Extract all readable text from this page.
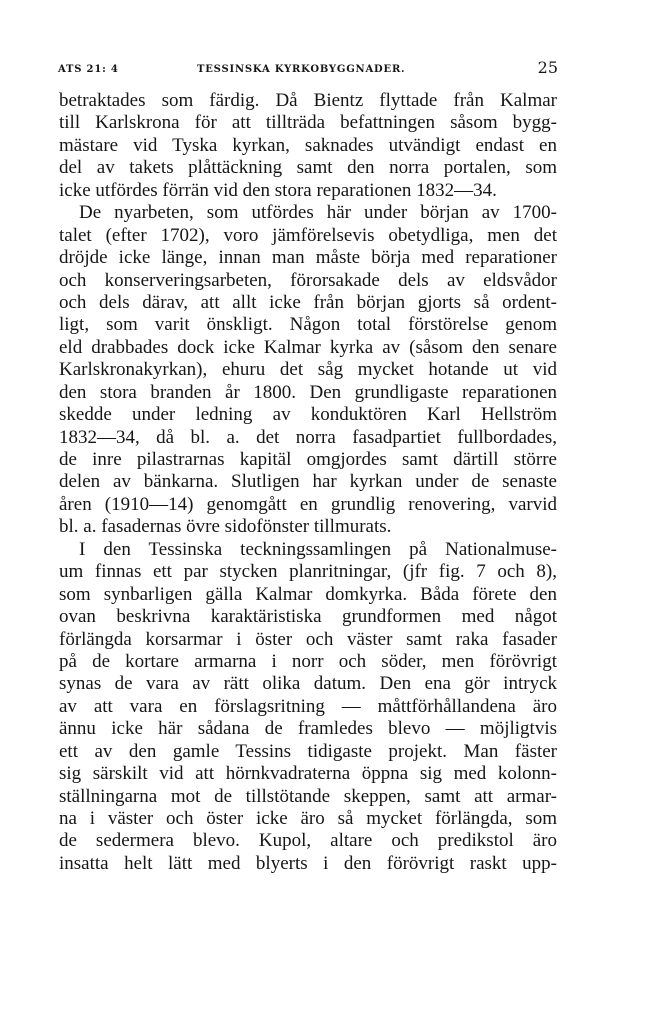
ATS 21: 4	TESSINSKA KYRKOBYGGNADER.	25
betraktades som färdig. Då Bientz flyttade från Kalmar
till Karlskrona för att tillträda befattningen såsom bygg-
mästare vid Tyska kyrkan, saknades utvändigt endast en
del av takets plåttäckning samt den norra portalen, som
icke utfördes förrän vid den stora reparationen 1832—34.
De nyarbeten, som utfördes här under början av 1700-
talet (efter 1702), voro jämförelsevis obetydliga, men det
dröjde icke länge, innan man måste börja med reparationer
och konserveringsarbeten, förorsakade dels av eldsvådor
och dels därav, att allt icke från början gjorts så ordent-
ligt, som varit önskligt. Någon total förstörelse genom
eld drabbades dock icke Kalmar kyrka av (såsom den senare
Karlskronakyrkan), ehuru det såg mycket hotande ut vid
den stora branden år 1800. Den grundligaste reparationen
skedde under ledning av konduktören Karl Hellström
1832—34, då bl. a. det norra fasadpartiet fullbordades,
de inre pilastrarnas kapitäl omgjordes samt därtill större
delen av bänkarna. Slutligen har kyrkan under de senaste
åren (1910—14) genomgått en grundlig renovering, varvid
bl. a. fasadernas övre sidofönster tillmurats.
I den Tessinska teckningssamlingen på Nationalmuse-
um finnas ett par stycken planritningar, (jfr fig. 7 och 8),
som synbarligen gälla Kalmar domkyrka. Båda förete den
ovan beskrivna karaktäristiska grundformen med något
förlängda korsarmar i öster och väster samt raka fasader
på de kortare armarna i norr och söder, men förövrigt
synas de vara av rätt olika datum. Den ena gör intryck
av att vara en förslagsritning — måttförhållandena äro
ännu icke här sådana de framledes blevo — möjligtvis
ett av den gamle Tessins tidigaste projekt. Man fäster
sig särskilt vid att hörnkvadraterna öppna sig med kolonn-
ställningarna mot de tillstötande skeppen, samt att armar-
na i väster och öster icke äro så mycket förlängda, som
de sedermera blevo. Kupol, altare och predikstol äro
insatta helt lätt med blyerts i den förövrigt raskt upp-
